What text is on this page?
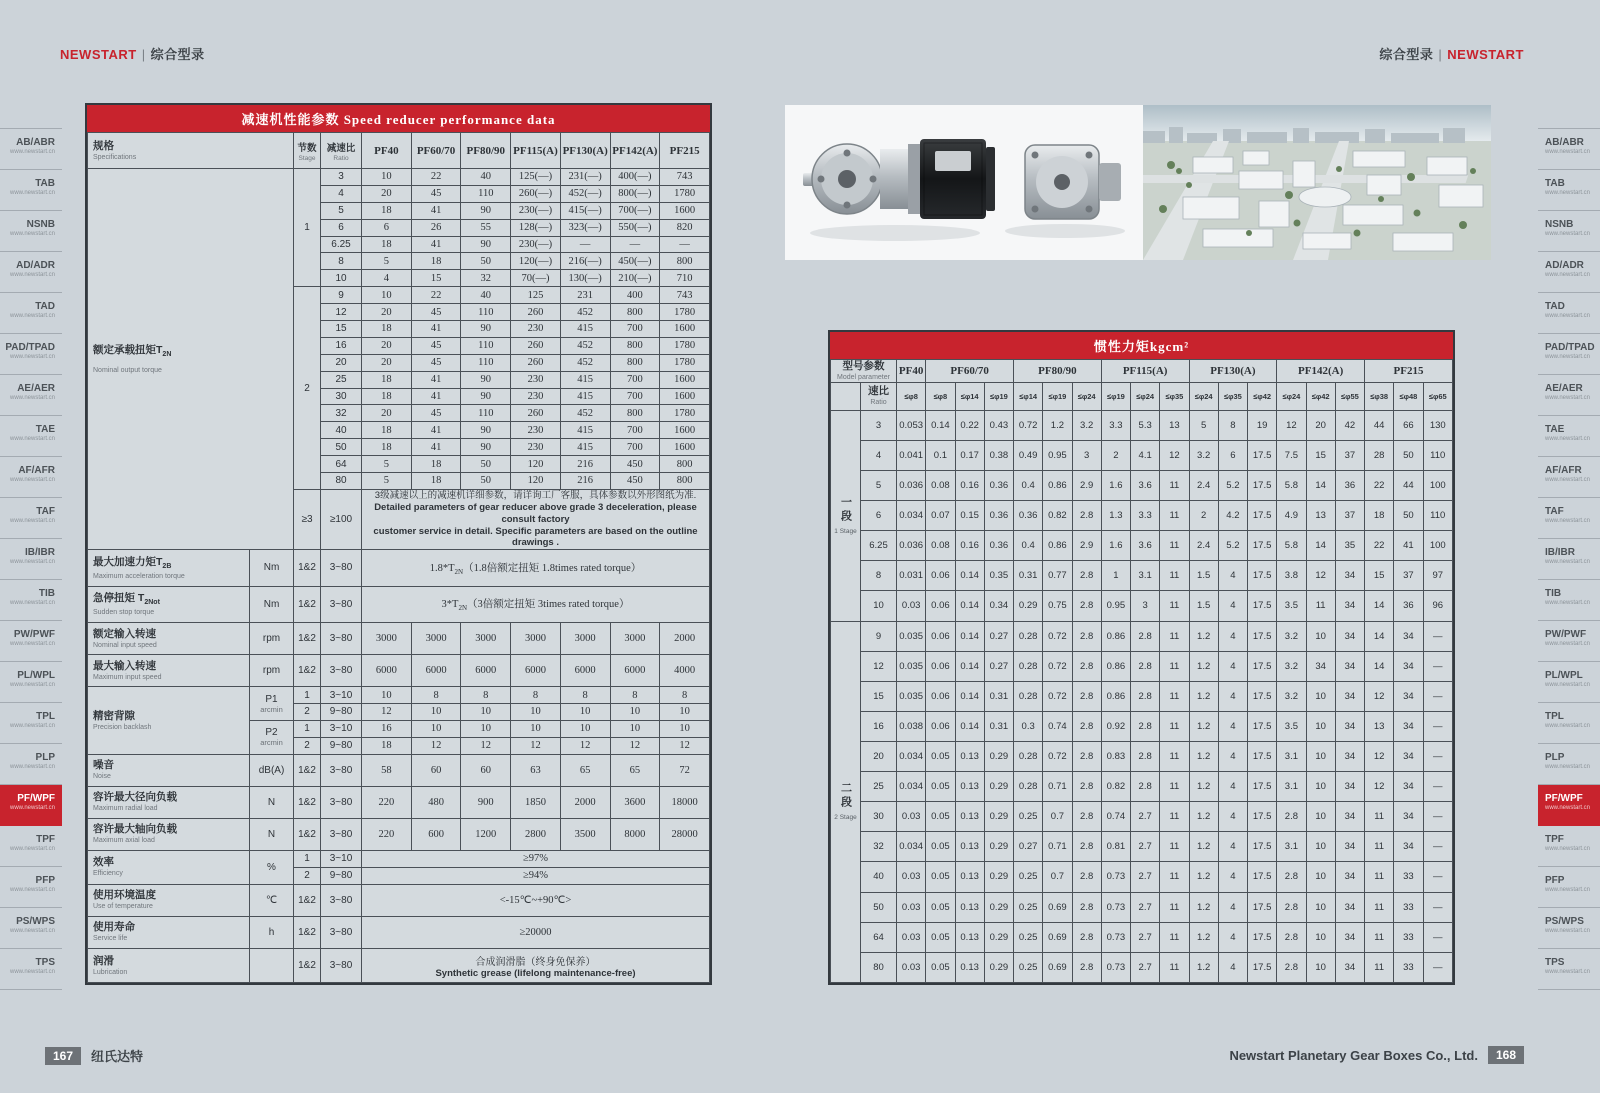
NEWSTART | 综合型录	综合型录 | NEWSTART
AB/ABR
www.newstart.cn
TAB
www.newstart.cn
NSNB
www.newstart.cn
AD/ADR
www.newstart.cn
TAD
www.newstart.cn
PAD/TPAD
www.newstart.cn
AE/AER
www.newstart.cn
TAE
www.newstart.cn
AF/AFR
www.newstart.cn
TAF
www.newstart.cn
IB/IBR
www.newstart.cn
TIB
www.newstart.cn
PW/PWF
www.newstart.cn
PL/WPL
www.newstart.cn
TPL
www.newstart.cn
PLP
www.newstart.cn
PF/WPF
www.newstart.cn
TPF
www.newstart.cn
PFP
www.newstart.cn
PS/WPS
www.newstart.cn
TPS
www.newstart.cn
AB/ABR
www.newstart.cn
TAB
www.newstart.cn
NSNB
www.newstart.cn
AD/ADR
www.newstart.cn
TAD
www.newstart.cn
PAD/TPAD
www.newstart.cn
AE/AER
www.newstart.cn
TAE
www.newstart.cn
AF/AFR
www.newstart.cn
TAF
www.newstart.cn
IB/IBR
www.newstart.cn
TIB
www.newstart.cn
PW/PWF
www.newstart.cn
PL/WPL
www.newstart.cn
TPL
www.newstart.cn
PLP
www.newstart.cn
PF/WPF
www.newstart.cn
TPF
www.newstart.cn
PFP
www.newstart.cn
PS/WPS
www.newstart.cn
TPS
www.newstart.cn
减速机性能参数 Speed reducer performance data
规格
Specifications

节数
Stage

减速比
Ratio
	PF40	PF60/70	PF80/90	PF115(A)	PF130(A)	PF142(A)	PF215

额定承载扭矩$T_{2N}$
Nominal output torque		1	3	10	22	40	125(—)	231(—)	400(—)	743
			4	20	45	110	260(—)	452(—)	800(—)	1780
			5	18	41	90	230(—)	415(—)	700(—)	1600
			6	6	26	55	128(—)	323(—)	550(—)	820
			6.25	18	41	90	230(—)	—	—	—
			8	5	18	50	120(—)	216(—)	450(—)	800
			10	4	15	32	70(—)	130(—)	210(—)	710
		2	9	10	22	40	125	231	400	743
			12	20	45	110	260	452	800	1780
			15	18	41	90	230	415	700	1600
			16	20	45	110	260	452	800	1780
			20	20	45	110	260	452	800	1780
			25	18	41	90	230	415	700	1600
			30	18	41	90	230	415	700	1600
			32	20	45	110	260	452	800	1780
			40	18	41	90	230	415	700	1600
			50	18	41	90	230	415	700	1600
			64	5	18	50	120	216	450	800
			80	5	18	50	120	216	450	800
		≥3	≥100	3级减速以上的减速机详细参数，请详询工厂客服，具体参数以外形图纸为准.
Detailed parameters of gear reducer above grade 3 deceleration, please consult factory
customer service in detail. Specific parameters are based on the outline drawings .						

最大加速力矩$T_{2B}$
Maximum acceleration torque	Nm	1&2	3~80	$1.8*T_{2N}(1.8$倍额定扭矩 1.8times rated torque）						

急停扭矩 $T_{2Not}$
Sudden stop torque	Nm	1&2	3~80	$3*T_{2N}(3$倍额定扭矩 3times rated torque）						

额定输入转速
Nominal input speed	rpm	1&2	3~80	3000	3000	3000	3000	3000	3000	2000

最大输入转速
Maximum input speed	rpm	1&2	3~80	6000	6000	6000	6000	6000	6000	4000

精密背隙
Precision backlash

P1
arcmin
	1	3~10	10	8	8	8	8	8	8
		2	9~80	12	10	10	10	10	10	10

	P2
arcmin	1	3~10	16	10	10	10	10	10	10
		2	9~80	18	12	12	12	12	12	12

噪音
Noise	dB(A)	1&2	3~80	58	60	60	63	65	65	72

容许最大径向负载
Maximum radial load	N	1&2	3~80	220	480	900	1850	2000	3600	18000

容许最大轴向负载
Maximum axial load	N	1&2	3~80	220	600	1200	2800	3500	8000	28000

效率
Efficiency	%	1	3~10	≥97%						
		2	9~80	≥94%						

使用环境温度
Use of temperature	℃	1&2	3~80	<-15℃~+90℃>						

使用寿命
Service life	h	1&2	3~80	≥20000						

润滑
Lubrication
		1&2	3~80	合成润滑脂（终身免保养）
Synthetic grease (lifelong maintenance-free)
惯性力矩kgcm²
型号参数
Model parameter		PF40	PF60/70			PF80/90			PF115(A)			PF130(A)			PF142(A)			PF215		

	速比
Ratio	≤φ8	≤φ8	≤φ14	≤φ19	≤φ14	≤φ19	≤φ24	≤φ19	≤φ24	≤φ35	≤φ24	≤φ35	≤φ42	≤φ24	≤φ42	≤φ55	≤φ38	≤φ48	≤φ65

一段
1 Stage	3	0.053	0.14	0.22	0.43	0.72	1.2	3.2	3.3	5.3	13	5	8	19	12	20	42	44	66	130
	4	0.041	0.1	0.17	0.38	0.49	0.95	3	2	4.1	12	3.2	6	17.5	7.5	15	37	28	50	110
	5	0.036	0.08	0.16	0.36	0.4	0.86	2.9	1.6	3.6	11	2.4	5.2	17.5	5.8	14	36	22	44	100
	6	0.034	0.07	0.15	0.36	0.36	0.82	2.8	1.3	3.3	11	2	4.2	17.5	4.9	13	37	18	50	110
	6.25	0.036	0.08	0.16	0.36	0.4	0.86	2.9	1.6	3.6	11	2.4	5.2	17.5	5.8	14	35	22	41	100
	8	0.031	0.06	0.14	0.35	0.31	0.77	2.8	1	3.1	11	1.5	4	17.5	3.8	12	34	15	37	97
	10	0.03	0.06	0.14	0.34	0.29	0.75	2.8	0.95	3	11	1.5	4	17.5	3.5	11	34	14	36	96

二段
2 Stage	9	0.035	0.06	0.14	0.27	0.28	0.72	2.8	0.86	2.8	11	1.2	4	17.5	3.2	10	34	14	34	—
	12	0.035	0.06	0.14	0.27	0.28	0.72	2.8	0.86	2.8	11	1.2	4	17.5	3.2	34	34	14	34	—
	15	0.035	0.06	0.14	0.31	0.28	0.72	2.8	0.86	2.8	11	1.2	4	17.5	3.2	10	34	12	34	—
	16	0.038	0.06	0.14	0.31	0.3	0.74	2.8	0.92	2.8	11	1.2	4	17.5	3.5	10	34	13	34	—
	20	0.034	0.05	0.13	0.29	0.28	0.72	2.8	0.83	2.8	11	1.2	4	17.5	3.1	10	34	12	34	—
	25	0.034	0.05	0.13	0.29	0.28	0.71	2.8	0.82	2.8	11	1.2	4	17.5	3.1	10	34	12	34	—
	30	0.03	0.05	0.13	0.29	0.25	0.7	2.8	0.74	2.7	11	1.2	4	17.5	2.8	10	34	11	34	—
	32	0.034	0.05	0.13	0.29	0.27	0.71	2.8	0.81	2.7	11	1.2	4	17.5	3.1	10	34	11	34	—
	40	0.03	0.05	0.13	0.29	0.25	0.7	2.8	0.73	2.7	11	1.2	4	17.5	2.8	10	34	11	33	—
	50	0.03	0.05	0.13	0.29	0.25	0.69	2.8	0.73	2.7	11	1.2	4	17.5	2.8	10	34	11	33	—
	64	0.03	0.05	0.13	0.29	0.25	0.69	2.8	0.73	2.7	11	1.2	4	17.5	2.8	10	34	11	33	—
	80	0.03	0.05	0.13	0.29	0.25	0.69	2.8	0.73	2.7	11	1.2	4	17.5	2.8	10	34	11	33	—
167	纽氏达特	Newstart Planetary Gear Boxes Co., Ltd.	168
